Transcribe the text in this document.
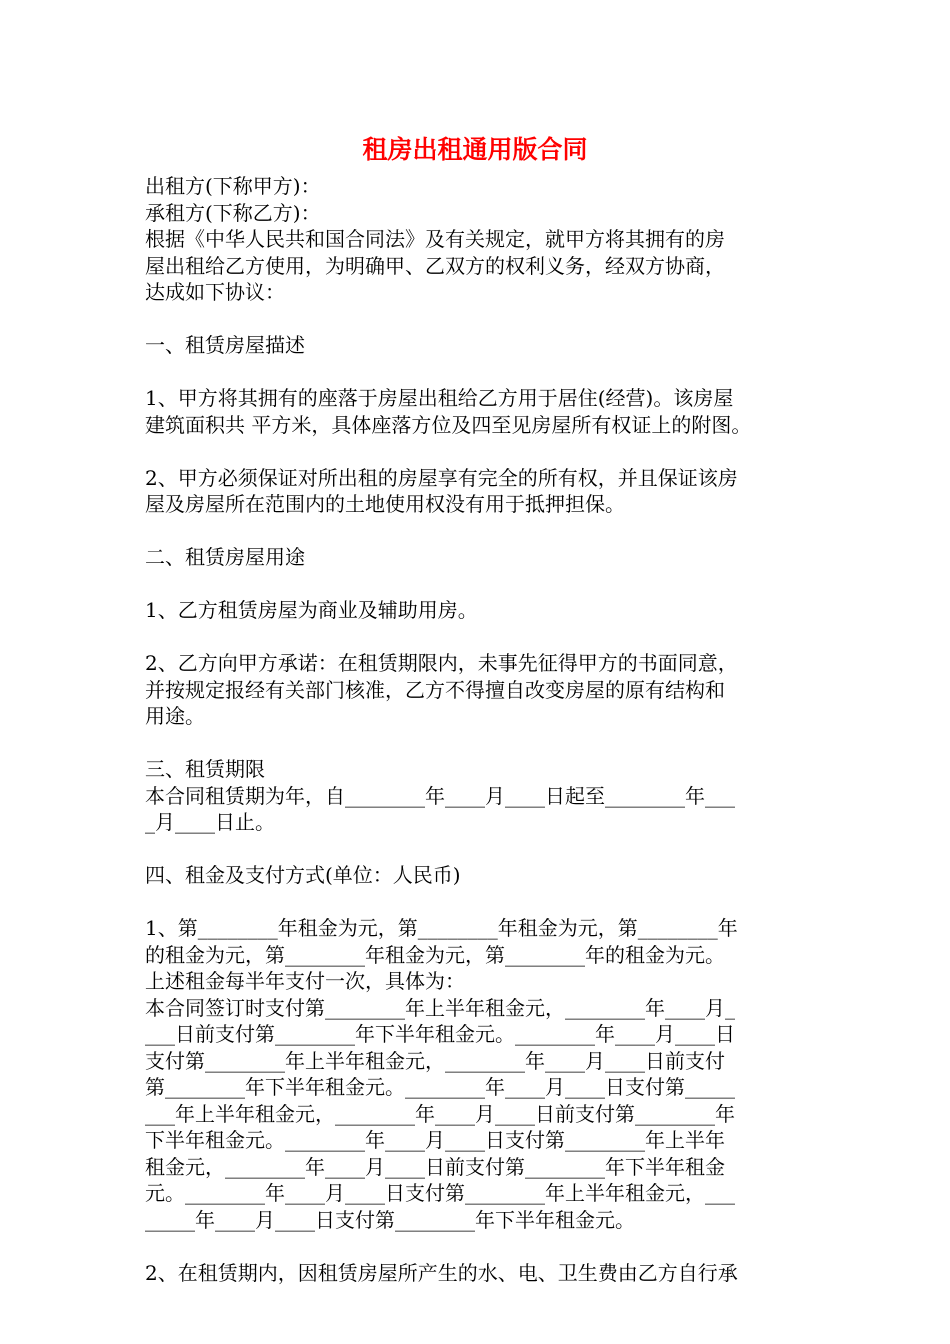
租房出租通用版合同
出租方(下称甲方)：
承租方(下称乙方)：
根据《中华人民共和国合同法》及有关规定，就甲方将其拥有的房
屋出租给乙方使用，为明确甲、乙双方的权利义务，经双方协商，
达成如下协议：
一、租赁房屋描述
1、甲方将其拥有的座落于房屋出租给乙方用于居住(经营)。该房屋
建筑面积共 平方米，具体座落方位及四至见房屋所有权证上的附图。
2、甲方必须保证对所出租的房屋享有完全的所有权，并且保证该房
屋及房屋所在范围内的土地使用权没有用于抵押担保。
二、租赁房屋用途
1、乙方租赁房屋为商业及辅助用房。
2、乙方向甲方承诺：在租赁期限内，未事先征得甲方的书面同意，
并按规定报经有关部门核准，乙方不得擅自改变房屋的原有结构和
用途。
三、租赁期限
本合同租赁期为年，自________年____月____日起至________年___
_月____日止。
四、租金及支付方式(单位：人民币)
1、第________年租金为元，第________年租金为元，第________年
的租金为元，第________年租金为元，第________年的租金为元。
上述租金每半年支付一次，具体为：
本合同签订时支付第________年上半年租金元，________年____月_
___日前支付第________年下半年租金元。________年____月____日
支付第________年上半年租金元，________年____月____日前支付
第________年下半年租金元。________年____月____日支付第_____
___年上半年租金元，________年____月____日前支付第________年
下半年租金元。________年____月____日支付第________年上半年
租金元，________年____月____日前支付第________年下半年租金
元。________年____月____日支付第________年上半年租金元，___
_____年____月____日支付第________年下半年租金元。
2、在租赁期内，因租赁房屋所产生的水、电、卫生费由乙方自行承
